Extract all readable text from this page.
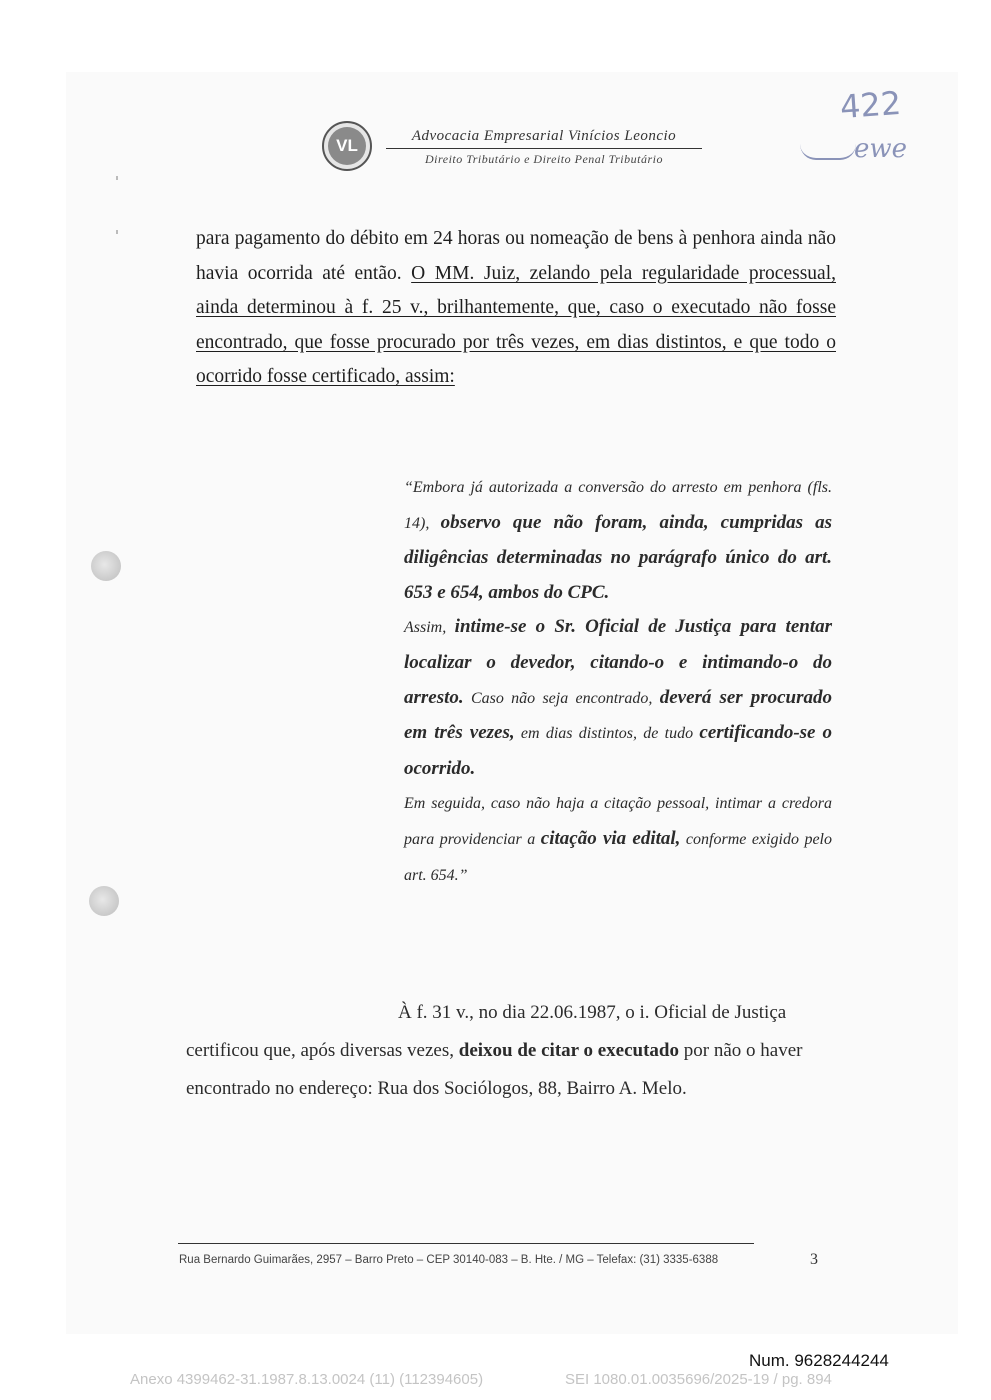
VL	Advocacia Empresarial Vinícios Leoncio
Direito Tributário e Direito Penal Tributário
422
ewe
para pagamento do débito em 24 horas ou nomeação de bens à penhora ainda não havia ocorrida até então. O MM. Juiz, zelando pela regularidade processual, ainda determinou à f. 25 v., brilhantemente, que, caso o executado não fosse encontrado, que fosse procurado por três vezes, em dias distintos, e que todo o ocorrido fosse certificado, assim:

“Embora já autorizada a conversão do arresto em penhora (fls. 14), observo que não foram, ainda, cumpridas as diligências determinadas no parágrafo único do art. 653 e 654, ambos do CPC.

Assim, intime-se o Sr. Oficial de Justiça para tentar localizar o devedor, citando-o e intimando-o do arresto. Caso não seja encontrado, deverá ser procurado em três vezes, em dias distintos, de tudo certificando-se o ocorrido.

Em seguida, caso não haja a citação pessoal, intimar a credora para providenciar a citação via edital, conforme exigido pelo art. 654.”

À f. 31 v., no dia 22.06.1987, o i. Oficial de Justiça

certificou que, após diversas vezes, deixou de citar o executado por não o haver encontrado no endereço: Rua dos Sociólogos, 88, Bairro A. Melo.

Rua Bernardo Guimarães, 2957 – Barro Preto – CEP 30140-083 – B. Hte. / MG – Telefax: (31) 3335-6388	3
Num. 9628244244
Anexo 4399462-31.1987.8.13.0024 (11) (112394605)	SEI 1080.01.0035696/2025-19 / pg. 894
